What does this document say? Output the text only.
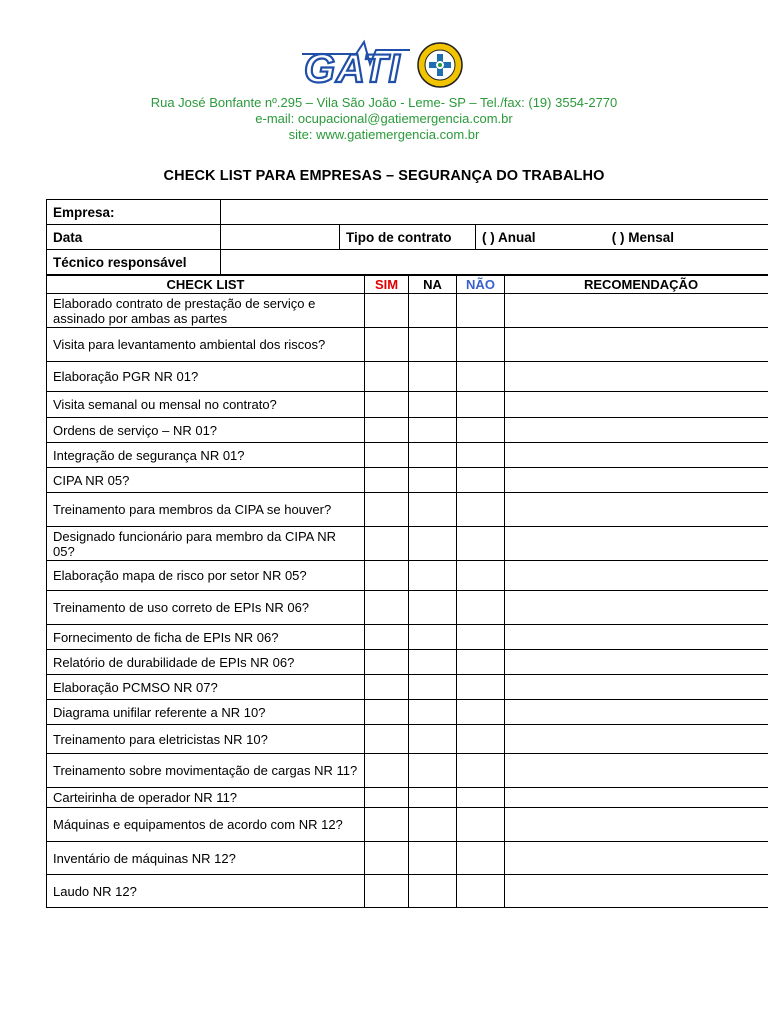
GATI
Rua José Bonfante nº.295 – Vila São João - Leme- SP – Tel./fax: (19) 3554-2770
e-mail: ocupacional@gatiemergencia.com.br
site: www.gatiemergencia.com.br
CHECK LIST PARA EMPRESAS – SEGURANÇA DO TRABALHO
Empresa:			
Data		Tipo de contrato	( ) Anual ( ) Mensal
Técnico responsável			
CHECK LIST	SIM	NA	NÃO	RECOMENDAÇÃO
Elaborado contrato de prestação de serviço e assinado por ambas as partes				
Visita para levantamento ambiental dos riscos?				
Elaboração PGR NR 01?				
Visita semanal ou mensal no contrato?				
Ordens de serviço – NR 01?				
Integração de segurança NR 01?				
CIPA NR 05?				
Treinamento para membros da CIPA se houver?				
Designado funcionário para membro da CIPA NR 05?				
Elaboração mapa de risco por setor NR 05?				
Treinamento de uso correto de EPIs NR 06?				
Fornecimento de ficha de EPIs NR 06?				
Relatório de durabilidade de EPIs NR 06?				
Elaboração PCMSO NR 07?				
Diagrama unifilar referente a NR 10?				
Treinamento para eletricistas NR 10?				
Treinamento sobre movimentação de cargas NR 11?				
Carteirinha de operador NR 11?				
Máquinas e equipamentos de acordo com NR 12?				
Inventário de máquinas NR 12?				
Laudo NR 12?				
